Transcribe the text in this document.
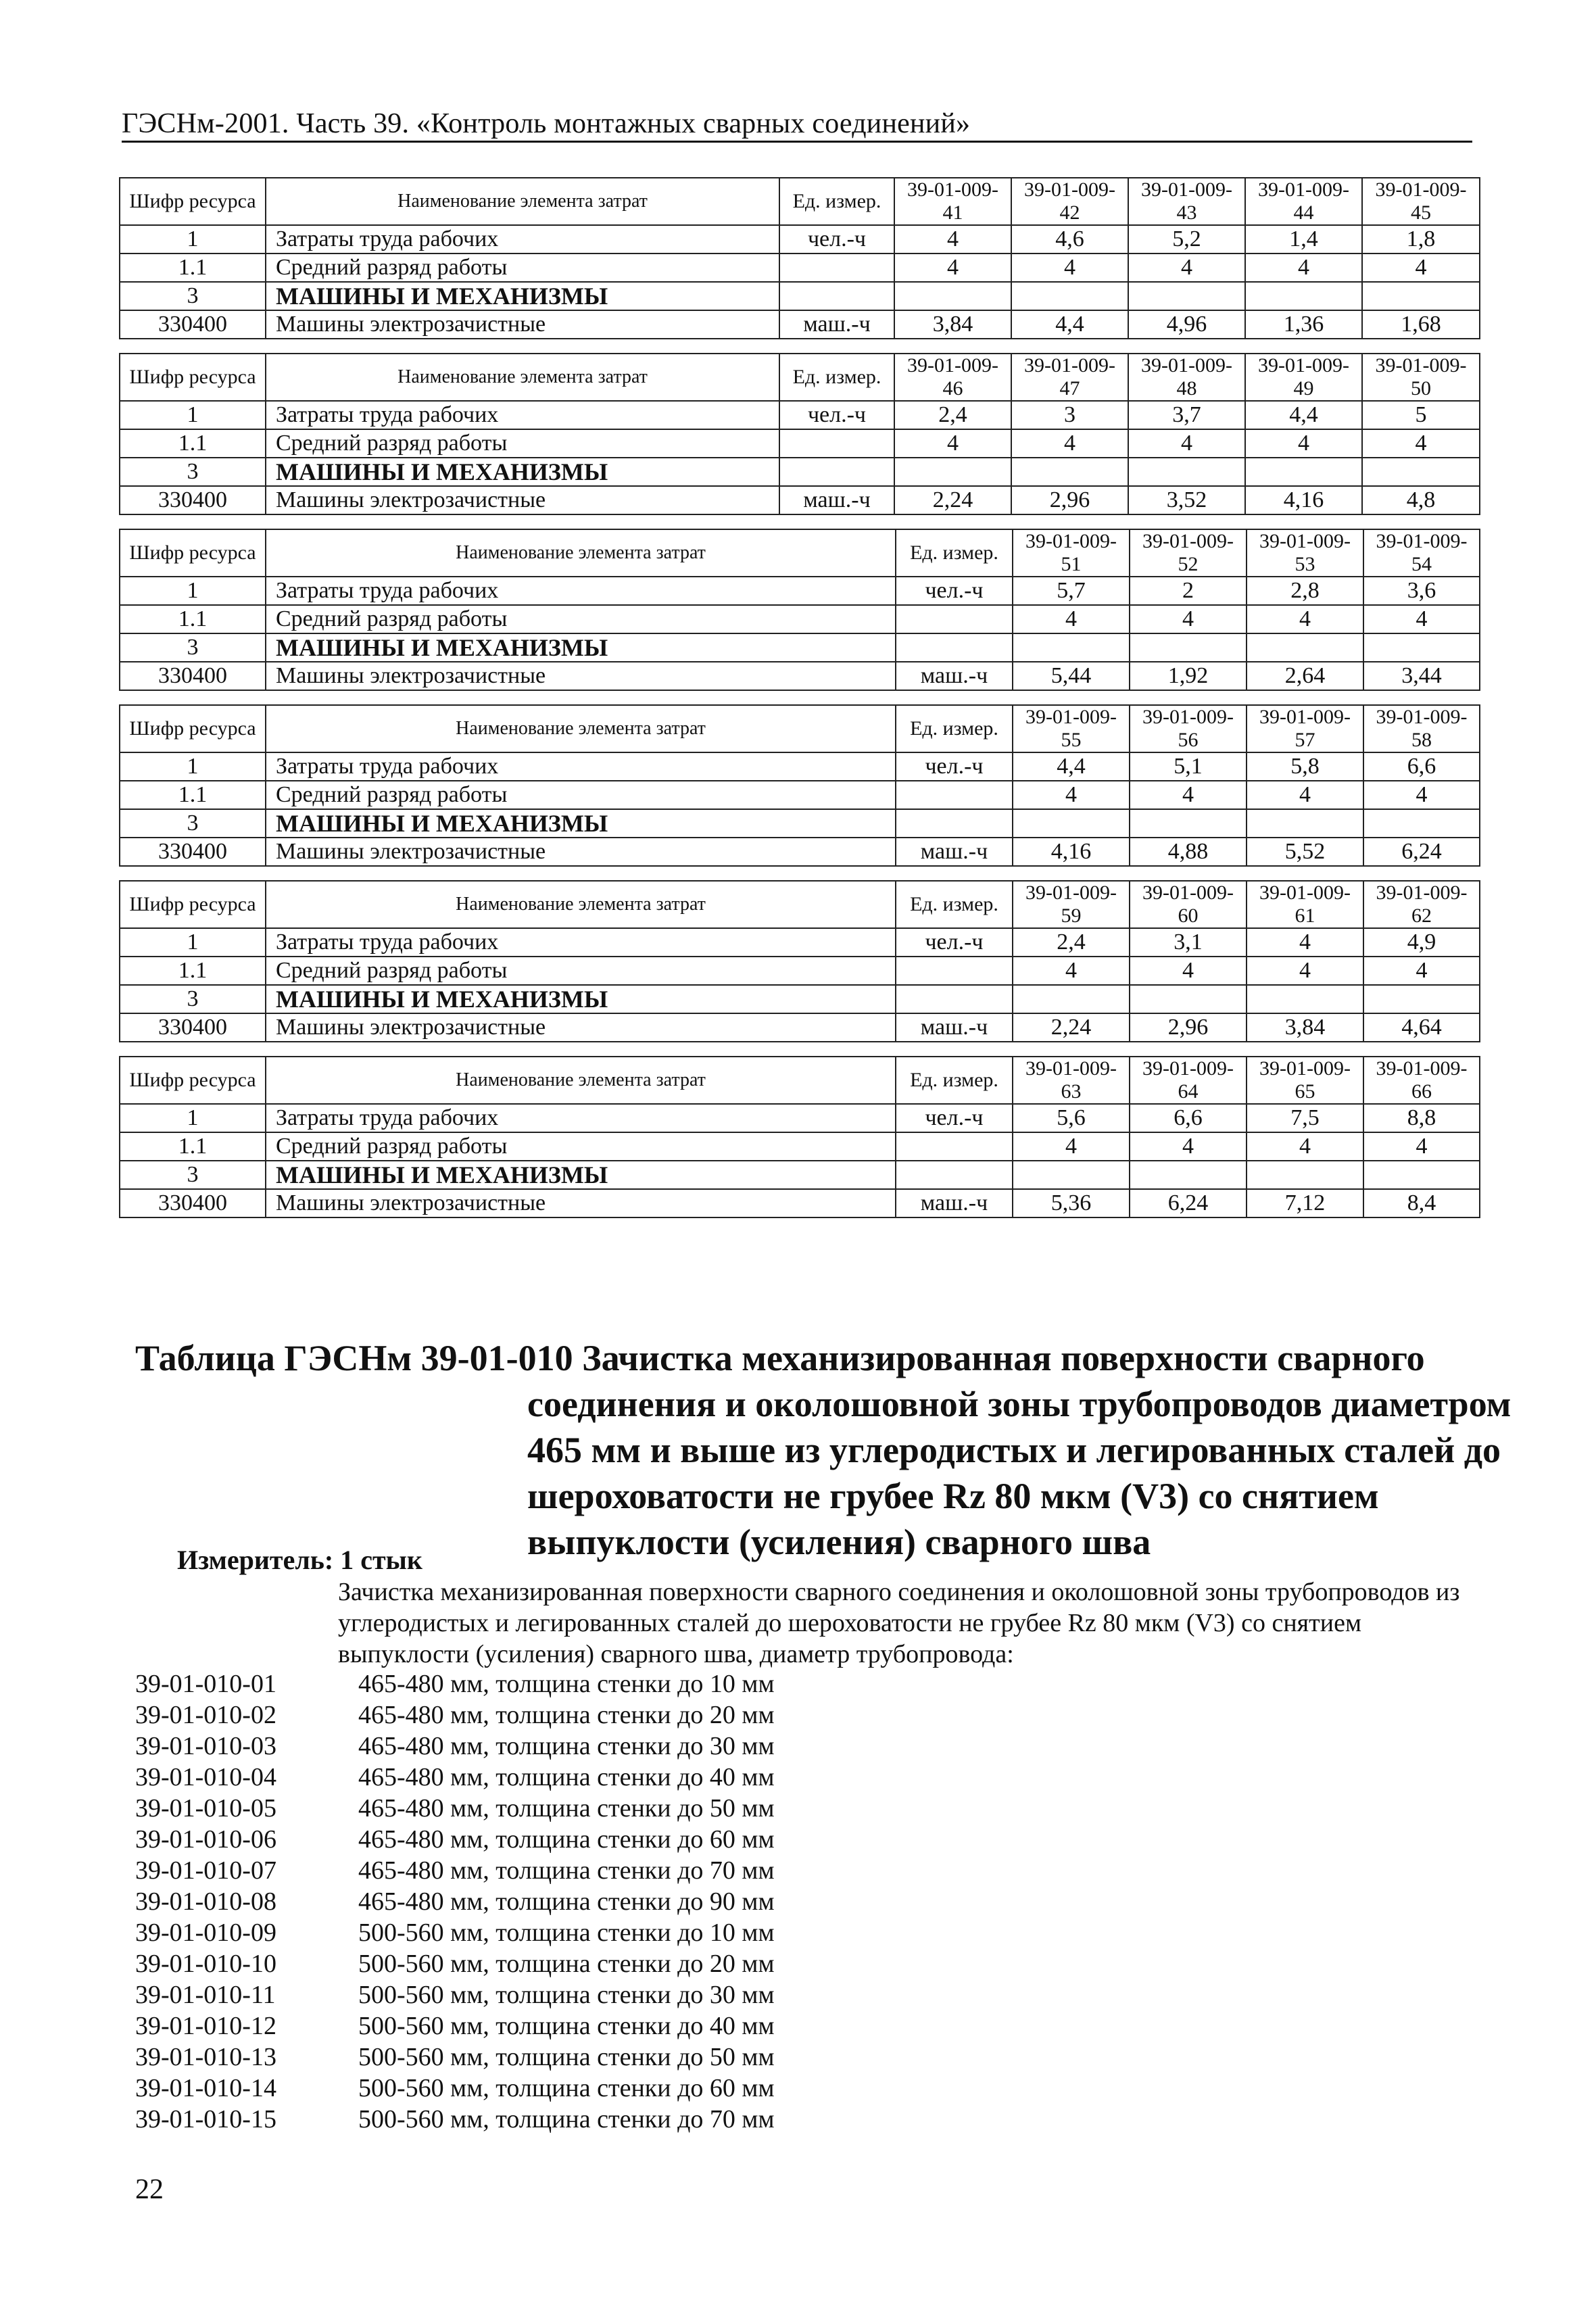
ГЭСНм-2001. Часть 39. «Контроль монтажных сварных соединений»
Шифр ресурса	Наименование элемента затрат	Ед. измер.	39-01-009-41	39-01-009-42	39-01-009-43	39-01-009-44	39-01-009-45
1	Затраты труда рабочих	чел.-ч	4	4,6	5,2	1,4	1,8
1.1	Средний разряд работы		4	4	4	4	4
3	МАШИНЫ И МЕХАНИЗМЫ						
330400	Машины электрозачистные	маш.-ч	3,84	4,4	4,96	1,36	1,68
Шифр ресурса	Наименование элемента затрат	Ед. измер.	39-01-009-46	39-01-009-47	39-01-009-48	39-01-009-49	39-01-009-50
1	Затраты труда рабочих	чел.-ч	2,4	3	3,7	4,4	5
1.1	Средний разряд работы		4	4	4	4	4
3	МАШИНЫ И МЕХАНИЗМЫ						
330400	Машины электрозачистные	маш.-ч	2,24	2,96	3,52	4,16	4,8
Шифр ресурса	Наименование элемента затрат	Ед. измер.	39-01-009-51	39-01-009-52	39-01-009-53	39-01-009-54
1	Затраты труда рабочих	чел.-ч	5,7	2	2,8	3,6
1.1	Средний разряд работы		4	4	4	4
3	МАШИНЫ И МЕХАНИЗМЫ					
330400	Машины электрозачистные	маш.-ч	5,44	1,92	2,64	3,44
Шифр ресурса	Наименование элемента затрат	Ед. измер.	39-01-009-55	39-01-009-56	39-01-009-57	39-01-009-58
1	Затраты труда рабочих	чел.-ч	4,4	5,1	5,8	6,6
1.1	Средний разряд работы		4	4	4	4
3	МАШИНЫ И МЕХАНИЗМЫ					
330400	Машины электрозачистные	маш.-ч	4,16	4,88	5,52	6,24
Шифр ресурса	Наименование элемента затрат	Ед. измер.	39-01-009-59	39-01-009-60	39-01-009-61	39-01-009-62
1	Затраты труда рабочих	чел.-ч	2,4	3,1	4	4,9
1.1	Средний разряд работы		4	4	4	4
3	МАШИНЫ И МЕХАНИЗМЫ					
330400	Машины электрозачистные	маш.-ч	2,24	2,96	3,84	4,64
Шифр ресурса	Наименование элемента затрат	Ед. измер.	39-01-009-63	39-01-009-64	39-01-009-65	39-01-009-66
1	Затраты труда рабочих	чел.-ч	5,6	6,6	7,5	8,8
1.1	Средний разряд работы		4	4	4	4
3	МАШИНЫ И МЕХАНИЗМЫ					
330400	Машины электрозачистные	маш.-ч	5,36	6,24	7,12	8,4
Таблица ГЭСНм 39-01-010 Зачистка механизированная поверхности сварного
соединения и околошовной зоны трубопроводов диаметром
465 мм и выше из углеродистых и легированных сталей до
шероховатости не грубее Rz 80 мкм (V3) со снятием
выпуклости (усиления) сварного шва
Измеритель: 1 стык
Зачистка механизированная поверхности сварного соединения и околошовной зоны трубопроводов из углеродистых и легированных сталей до шероховатости не грубее Rz 80 мкм (V3) со снятием выпуклости (усиления) сварного шва, диаметр трубопровода:
39-01-010-01	465-480 мм, толщина стенки до 10 мм
39-01-010-02	465-480 мм, толщина стенки до 20 мм
39-01-010-03	465-480 мм, толщина стенки до 30 мм
39-01-010-04	465-480 мм, толщина стенки до 40 мм
39-01-010-05	465-480 мм, толщина стенки до 50 мм
39-01-010-06	465-480 мм, толщина стенки до 60 мм
39-01-010-07	465-480 мм, толщина стенки до 70 мм
39-01-010-08	465-480 мм, толщина стенки до 90 мм
39-01-010-09	500-560 мм, толщина стенки до 10 мм
39-01-010-10	500-560 мм, толщина стенки до 20 мм
39-01-010-11	500-560 мм, толщина стенки до 30 мм
39-01-010-12	500-560 мм, толщина стенки до 40 мм
39-01-010-13	500-560 мм, толщина стенки до 50 мм
39-01-010-14	500-560 мм, толщина стенки до 60 мм
39-01-010-15	500-560 мм, толщина стенки до 70 мм
22
